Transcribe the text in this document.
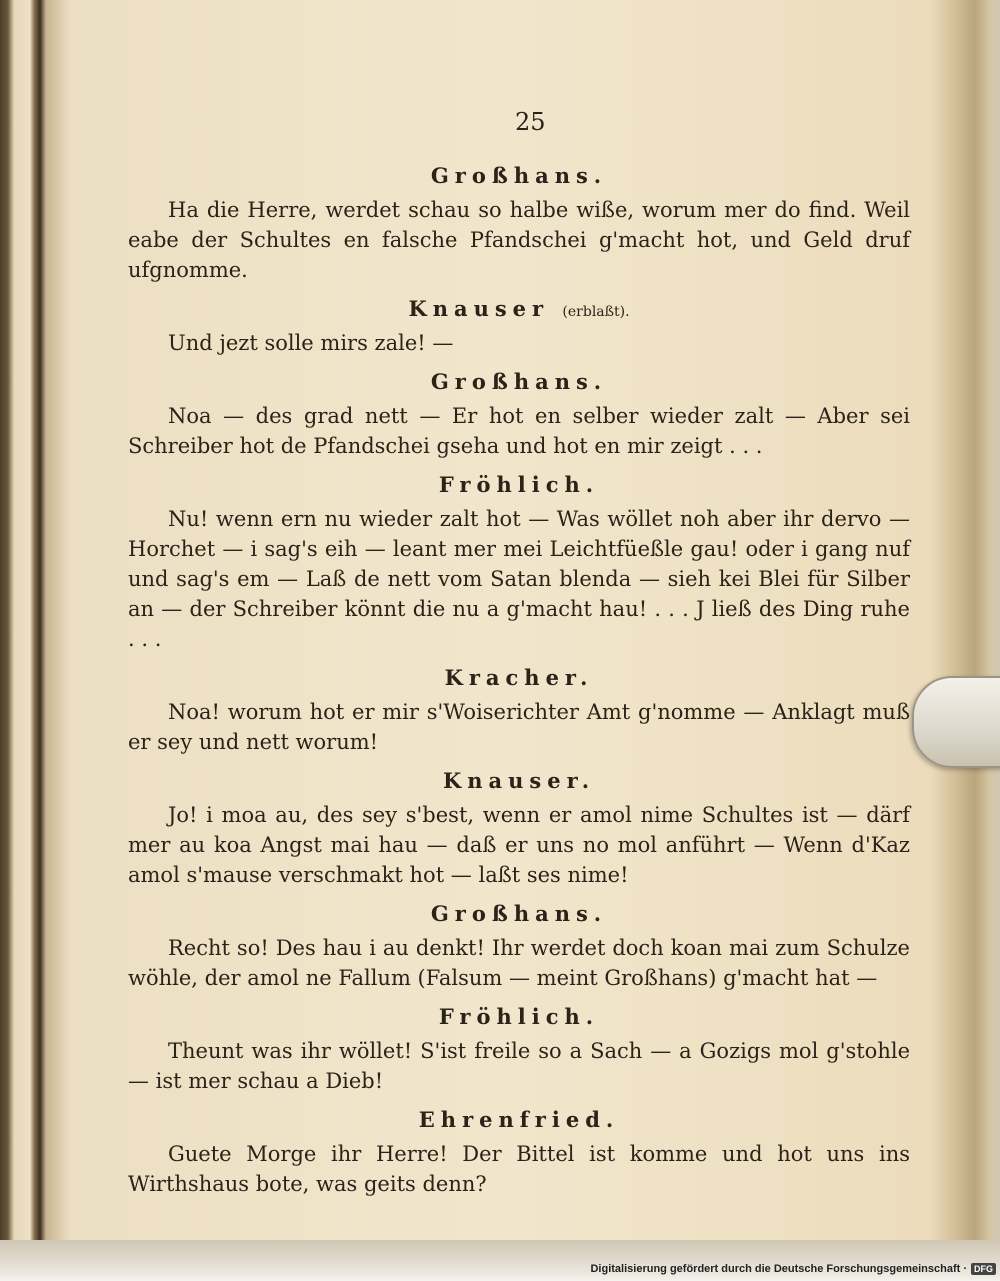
25

Großhans.

Ha die Herre, werdet schau so halbe wiße, worum mer do find. Weil eabe der Schultes en falsche Pfandschei g'macht hot, und Geld druf ufgnomme.

Knauser (erblaßt).

Und jezt solle mirs zale! —

Großhans.

Noa — des grad nett — Er hot en selber wieder zalt — Aber sei Schreiber hot de Pfandschei gseha und hot en mir zeigt . . .

Fröhlich.

Nu! wenn ern nu wieder zalt hot — Was wöllet noh aber ihr dervo — Horchet — i sag's eih — leant mer mei Leichtfüeßle gau! oder i gang nuf und sag's em — Laß de nett vom Satan blenda — sieh kei Blei für Silber an — der Schreiber könnt die nu a g'macht hau! . . . J ließ des Ding ruhe . . .

Kracher.

Noa! worum hot er mir s'Woiserichter Amt g'nomme — Anklagt muß er sey und nett worum!

Knauser.

Jo! i moa au, des sey s'best, wenn er amol nime Schultes ist — därf mer au koa Angst mai hau — daß er uns no mol anführt — Wenn d'Kaz amol s'mause verschmakt hot — laßt ses nime!

Großhans.

Recht so! Des hau i au denkt! Ihr werdet doch koan mai zum Schulze wöhle, der amol ne Fallum (Falsum — meint Großhans) g'macht hat —

Fröhlich.

Theunt was ihr wöllet! S'ist freile so a Sach — a Gozigs mol g'stohle — ist mer schau a Dieb!

Ehrenfried.

Guete Morge ihr Herre! Der Bittel ist komme und hot uns ins Wirthshaus bote, was geits denn?

Digitalisierung gefördert durch die Deutsche Forschungsgemeinschaft · DFG
